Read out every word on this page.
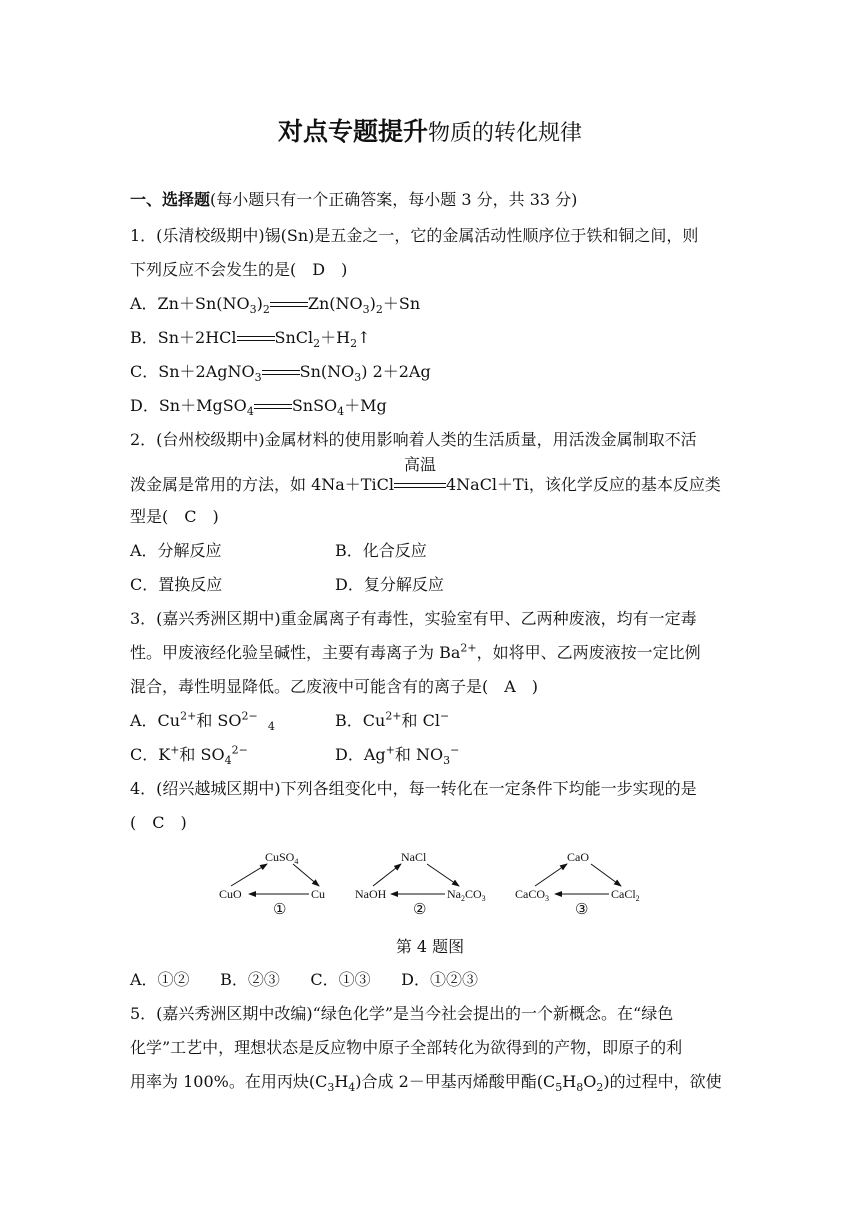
对点专题提升物质的转化规律
一、选择题(每小题只有一个正确答案，每小题 3 分，共 33 分)
1．(乐清校级期中)锡(Sn)是五金之一，它的金属活动性顺序位于铁和铜之间，则
下列反应不会发生的是(　D　)
A．$Zn+Sn(NO_3)_2$ $Zn(NO_3)_2+Sn$
B．Sn＋2HCl $SnCl_2+H_2↑$
C．Sn＋2AgNO$_3$ $Sn(NO_3)$ 2＋2Ag
D．Sn＋MgSO$_4$ SnSO$_4$＋Mg
2．(台州校级期中)金属材料的使用影响着人类的生活质量，用活泼金属制取不活
泼金属是常用的方法，如 4Na＋TiCl
高温
4NaCl＋Ti，该化学反应的基本反应类
型是(　C　)
A．分解反应	B．化合反应
C．置换反应	D．复分解反应
3．(嘉兴秀洲区期中)重金属离子有毒性，实验室有甲、乙两种废液，均有一定毒
性。甲废液经化验呈碱性，主要有毒离子为 $Ba^{2+}$，如将甲、乙两废液按一定比例
混合，毒性明显降低。乙废液中可能含有的离子是(　A　)
A．$Cu^{2+}$和 $SO^{2-}$  $_4$	B．$Cu^{2+}$和 Cl−
C．K+和 $SO_4^{2-}$	D．Ag+和 $NO_3^-$
4．(绍兴越城区期中)下列各组变化中，每一转化在一定条件下均能一步实现的是
(　C　)
CuSO$_4$
CuO	Cu
①
NaCl
NaOH	$Na_2CO_3$
②
CaO
CaCO$_3$	CaCl$_2$
③
第 4 题图
A．①② B．②③ C．①③ D．①②③
5．(嘉兴秀洲区期中改编)“绿色化学”是当今社会提出的一个新概念。在“绿色
化学”工艺中，理想状态是反应物中原子全部转化为欲得到的产物，即原子的利
用率为 100%。在用丙炔$(C_3H_4)$合成 2－甲基丙烯酸甲酯$(C_5H_8O_2)$的过程中，欲使
